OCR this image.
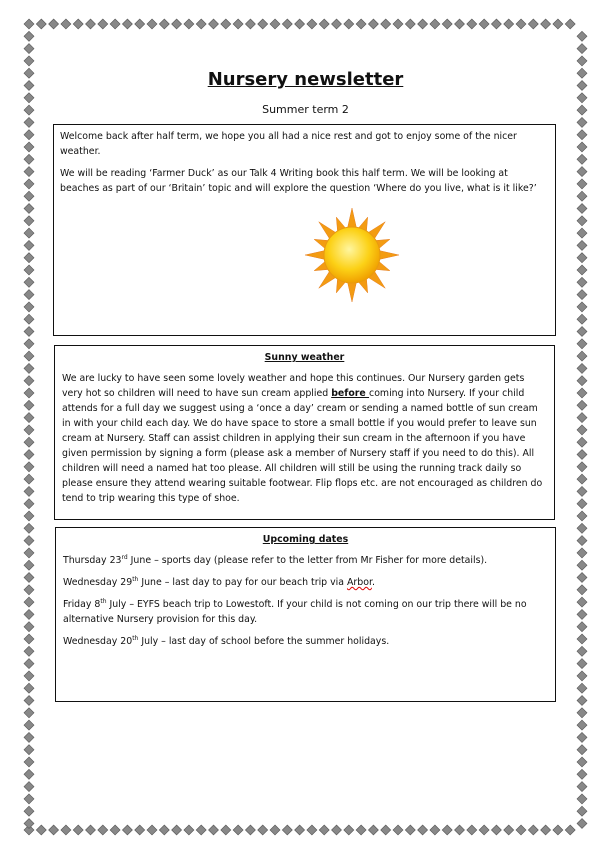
Nursery newsletter

Summer term 2

Welcome back after half term, we hope you all had a nice rest and got to enjoy some of the nicer weather.

We will be reading ‘Farmer Duck’ as our Talk 4 Writing book this half term. We will be looking at beaches as part of our ‘Britain’ topic and will explore the question ‘Where do you live, what is it like?’

Sunny weather

We are lucky to have seen some lovely weather and hope this continues. Our Nursery garden gets very hot so children will need to have sun cream applied before coming into Nursery. If your child attends for a full day we suggest using a ‘once a day’ cream or sending a named bottle of sun cream in with your child each day. We do have space to store a small bottle if you would prefer to leave sun cream at Nursery. Staff can assist children in applying their sun cream in the afternoon if you have given permission by signing a form (please ask a member of Nursery staff if you need to do this). All children will need a named hat too please. All children will still be using the running track daily so please ensure they attend wearing suitable footwear. Flip flops etc. are not encouraged as children do tend to trip wearing this type of shoe.

Upcoming dates

Thursday 23rd June – sports day (please refer to the letter from Mr Fisher for more details).

Wednesday 29th June – last day to pay for our beach trip via Arbor.

Friday 8th July – EYFS beach trip to Lowestoft. If your child is not coming on our trip there will be no alternative Nursery provision for this day.

Wednesday 20th July – last day of school before the summer holidays.
